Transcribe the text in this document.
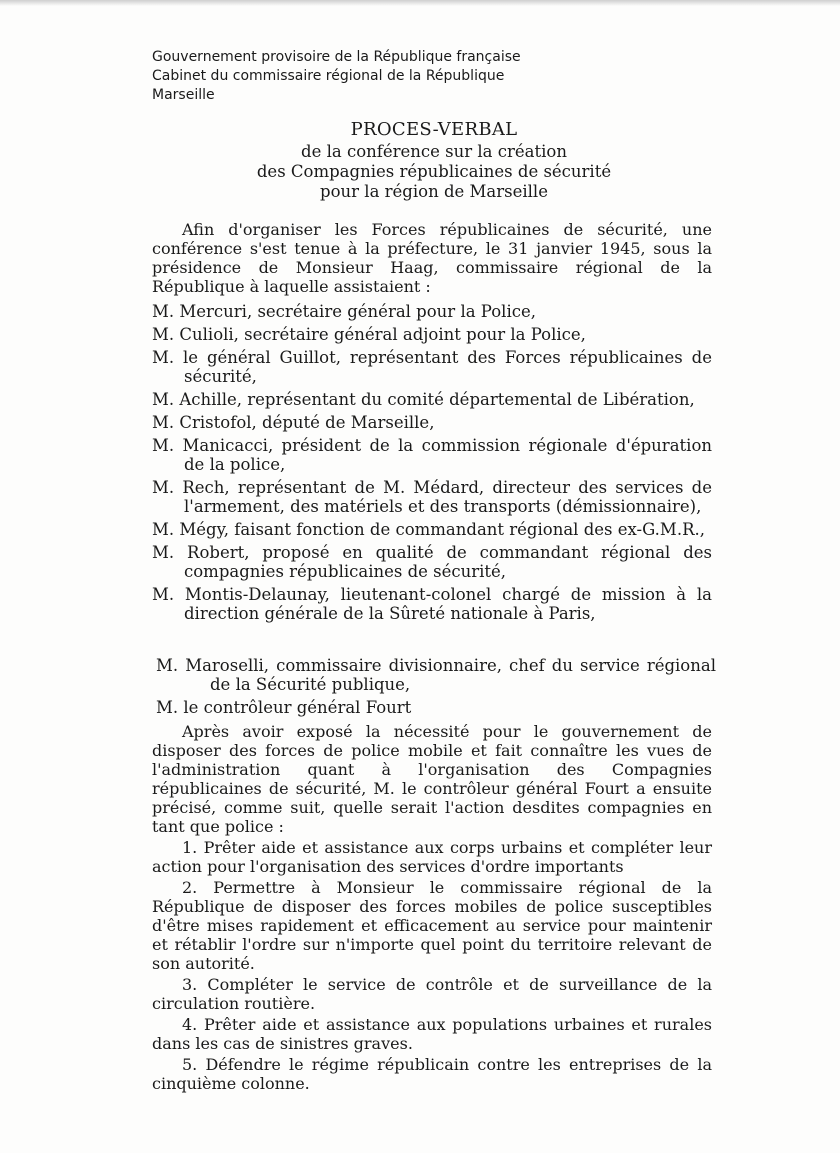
Gouvernement provisoire de la République française
Cabinet du commissaire régional de la République
Marseille
PROCES-VERBAL
de la conférence sur la création
des Compagnies républicaines de sécurité
pour la région de Marseille
Afin d'organiser les Forces républicaines de sécurité, une conférence s'est tenue à la préfecture, le 31 janvier 1945, sous la présidence de Monsieur Haag, commissaire régional de la République à laquelle assistaient :
M. Mercuri, secrétaire général pour la Police,
M. Culioli, secrétaire général adjoint pour la Police,
M. le général Guillot, représentant des Forces républicaines de sécurité,
M. Achille, représentant du comité départemental de Libération,
M. Cristofol, député de Marseille,
M. Manicacci, président de la commission régionale d'épuration de la police,
M. Rech, représentant de M. Médard, directeur des services de l'armement, des matériels et des transports (démissionnaire),
M. Mégy, faisant fonction de commandant régional des ex-G.M.R.,
M. Robert, proposé en qualité de commandant régional des compagnies républicaines de sécurité,
M. Montis-Delaunay, lieutenant-colonel chargé de mission à la direction générale de la Sûreté nationale à Paris,
M. Maroselli, commissaire divisionnaire, chef du service régional de la Sécurité publique,
M. le contrôleur général Fourt

Après avoir exposé la nécessité pour le gouvernement de disposer des forces de police mobile et fait connaître les vues de l'administration quant à l'organisation des Compagnies républicaines de sécurité, M. le contrôleur général Fourt a ensuite précisé, comme suit, quelle serait l'action desdites compagnies en tant que police :

1. Prêter aide et assistance aux corps urbains et compléter leur action pour l'organisation des services d'ordre importants

2. Permettre à Monsieur le commissaire régional de la République de disposer des forces mobiles de police susceptibles d'être mises rapidement et efficacement au service pour maintenir et rétablir l'ordre sur n'importe quel point du territoire relevant de son autorité.

3. Compléter le service de contrôle et de surveillance de la circulation routière.

4. Prêter aide et assistance aux populations urbaines et rurales dans les cas de sinistres graves.

5. Défendre le régime républicain contre les entreprises de la cinquième colonne.
